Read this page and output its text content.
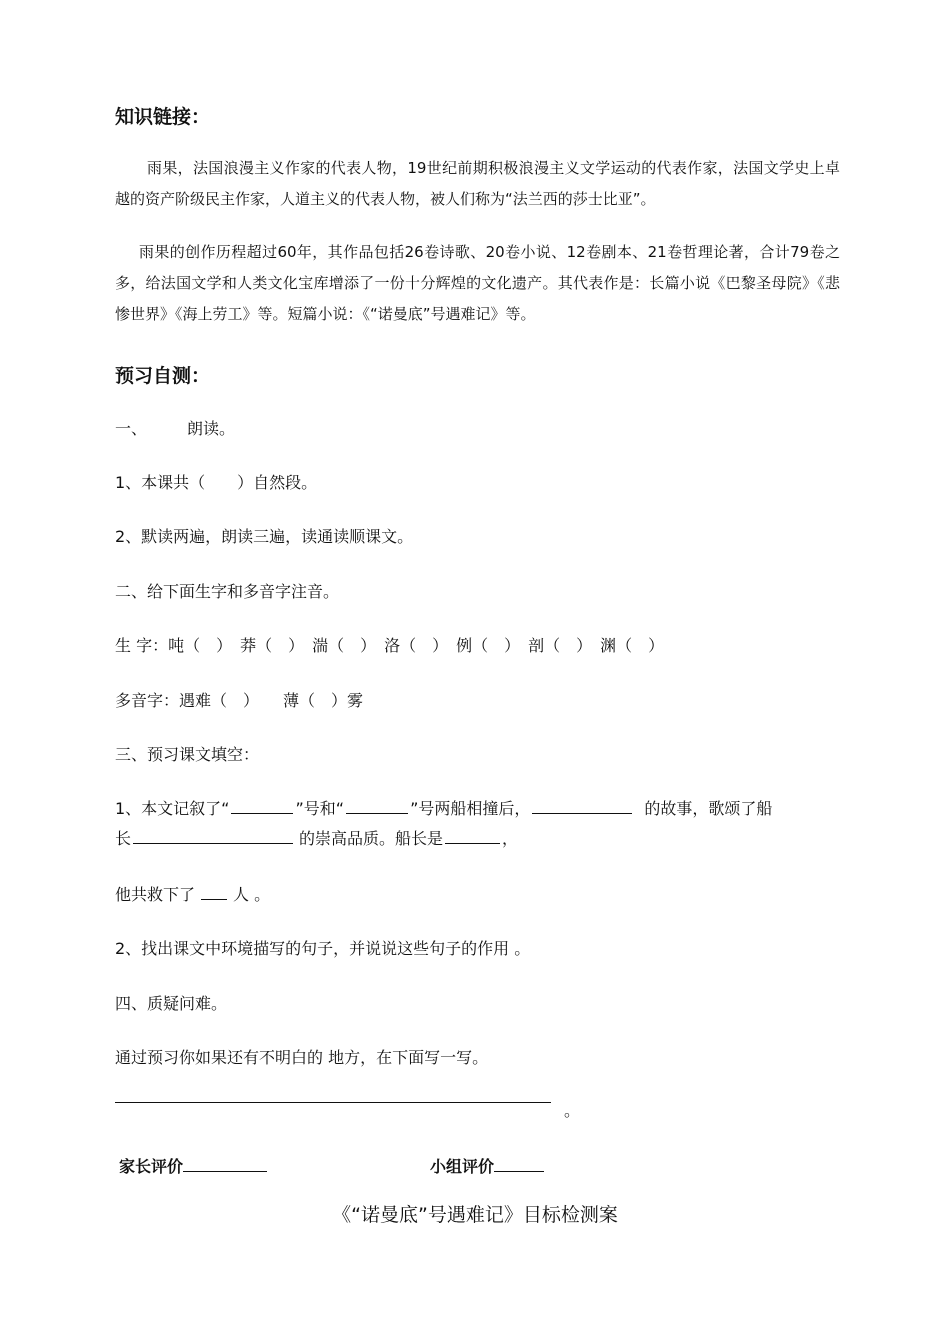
知识链接：
雨果，法国浪漫主义作家的代表人物，19世纪前期积极浪漫主义文学运动的代表作家，法国文学史上卓越的资产阶级民主作家，人道主义的代表人物，被人们称为“法兰西的莎士比亚”。
雨果的创作历程超过60年，其作品包括26卷诗歌、20卷小说、12卷剧本、21卷哲理论著，合计79卷之多，给法国文学和人类文化宝库增添了一份十分辉煌的文化遗产。其代表作是：长篇小说《巴黎圣母院》《悲惨世界》《海上劳工》等。短篇小说：《“诺曼底”号遇难记》等。
预习自测：
一、	朗读。
1、本课共（　　）自然段。
2、默读两遍，朗读三遍，读通读顺课文。
二、给下面生字和多音字注音。
生 字：吨（　）　莽（　）　湍（　）　洛（　）　例（　）　剖（　）　渊（　）
多音字：遇难（　）　　薄（　）雾
三、预习课文填空：
1、本文记叙了“	”号和“	”号两船相撞后，	的故事，歌颂了船
长	的崇高品质。船长是	，
他共救下了 人 。
2、找出课文中环境描写的句子，并说说这些句子的作用 。
四、质疑问难。
通过预习你如果还有不明白的 地方，在下面写一写。
。
家长评价	小组评价
《“诺曼底”号遇难记》目标检测案
